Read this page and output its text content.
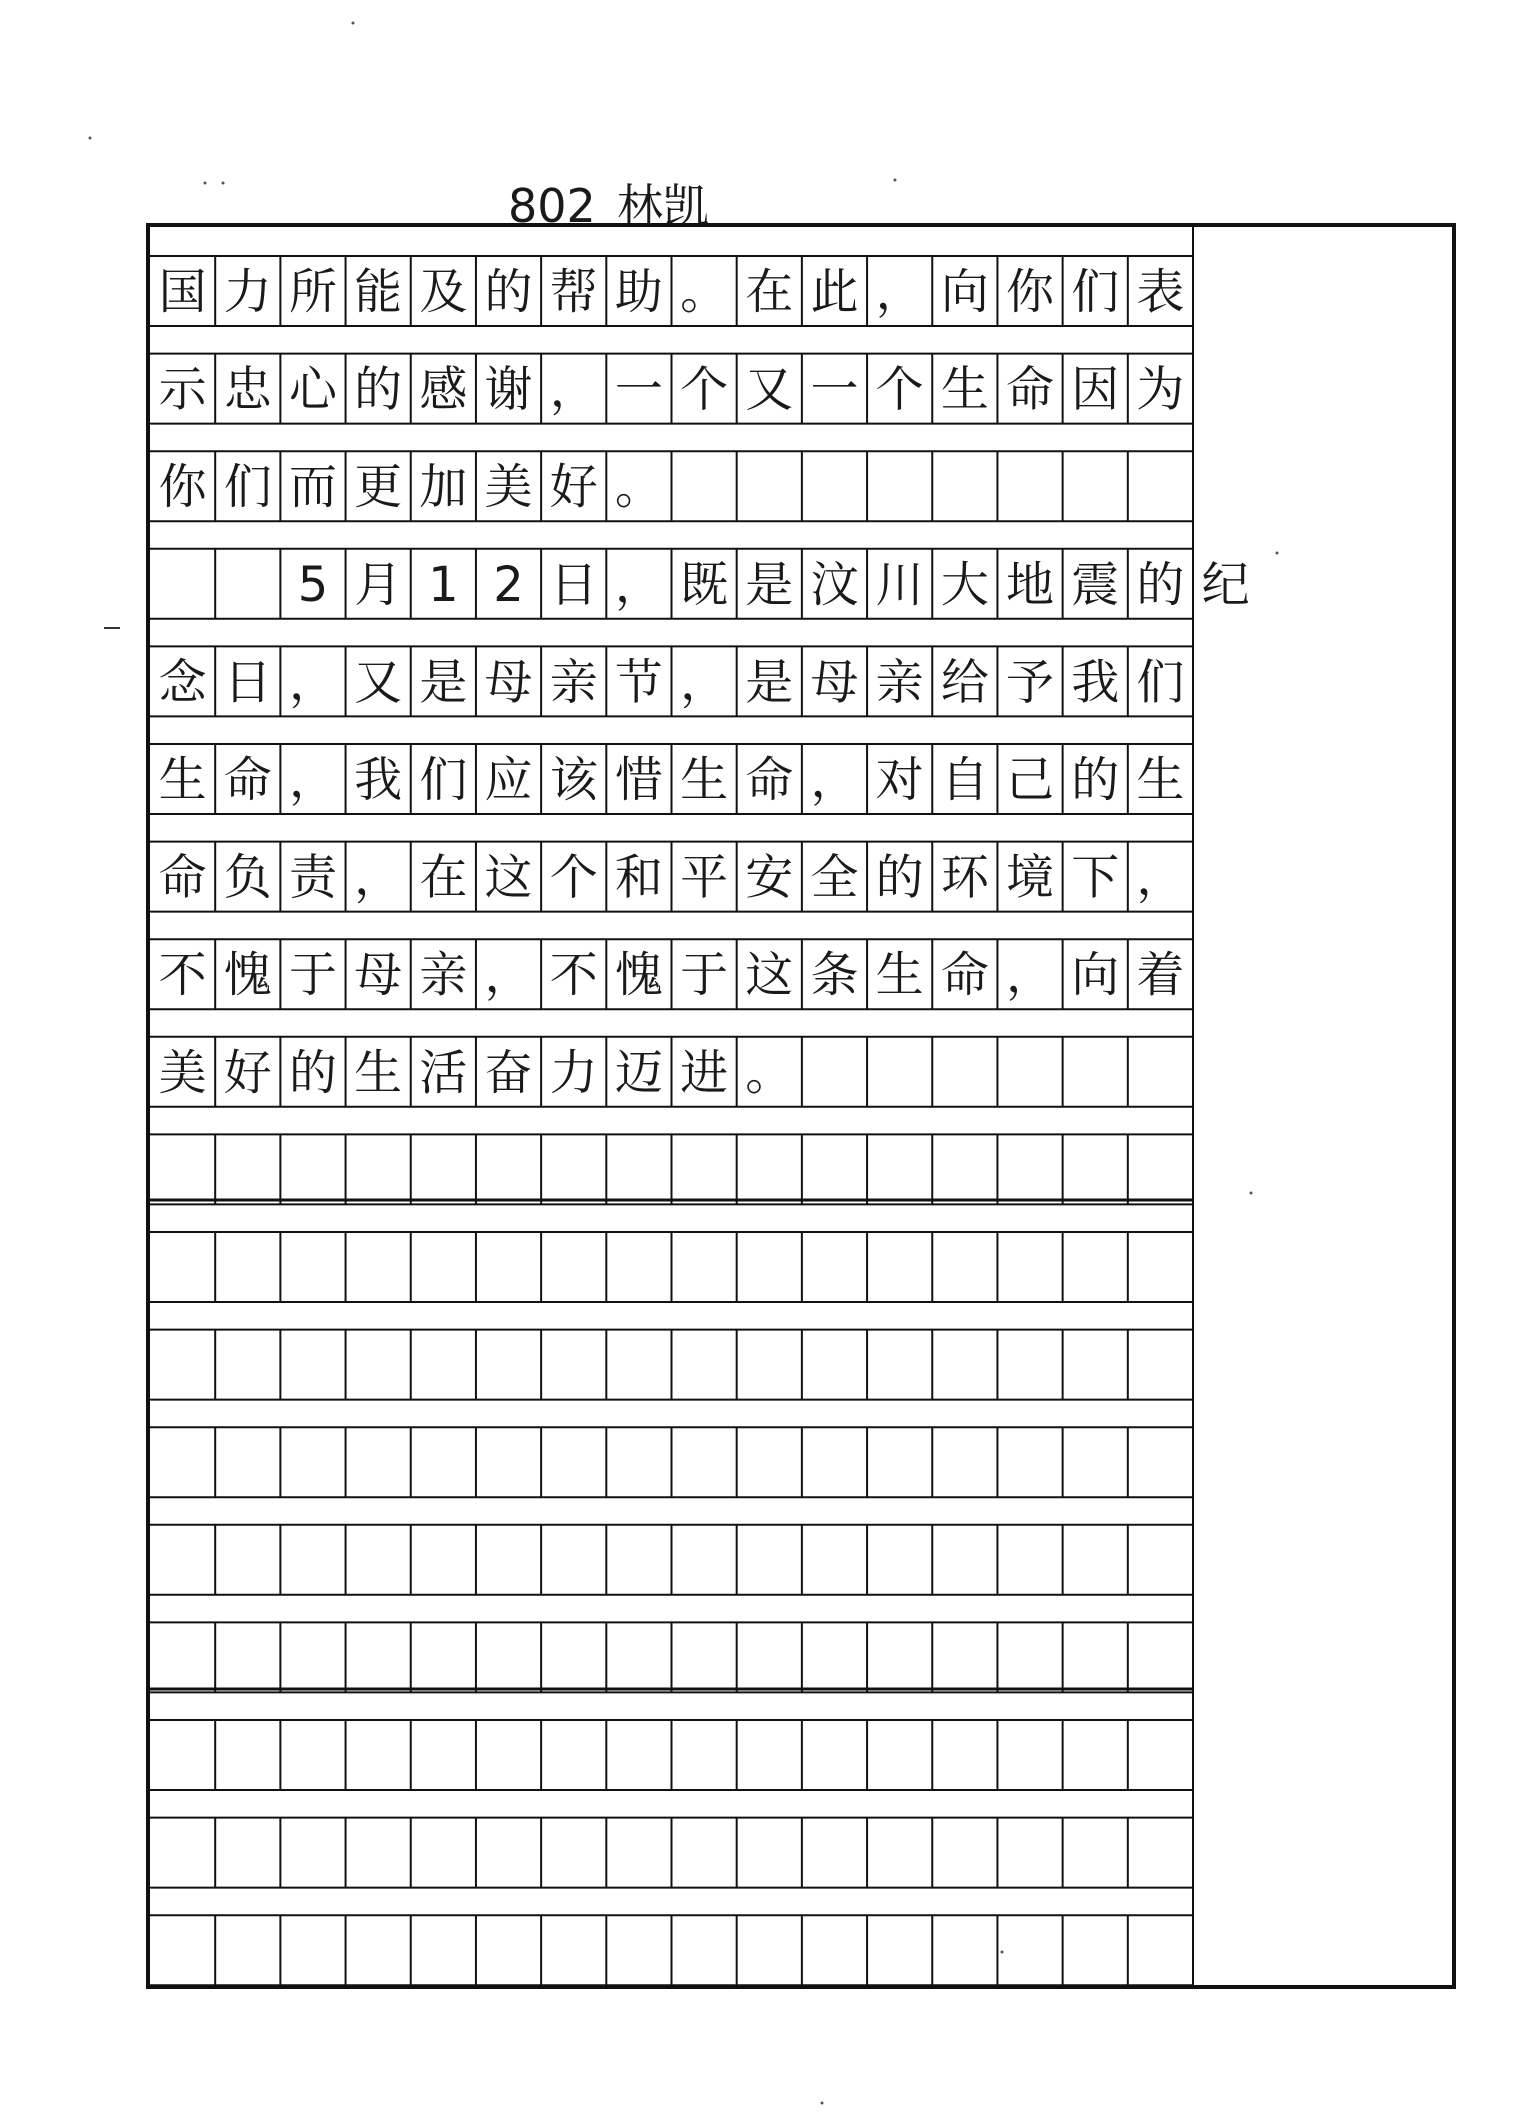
802 林凯
国 力 所 能 及 的 帮 助 。 在 此 ， 向 你 们 表
示 忠 心 的 感 谢 ， 一 个 又 一 个 生 命 因 为
你 们 而 更 加 美 好 。
5 月 1 2 日 ， 既 是 汶 川 大 地 震 的 纪
念 日 ， 又 是 母 亲 节 ， 是 母 亲 给 予 我 们
生 命 ， 我 们 应 该 惜 生 命 ， 对 自 己 的 生
命 负 责 ， 在 这 个 和 平 安 全 的 环 境 下 ，
不 愧 于 母 亲 ， 不 愧 于 这 条 生 命 ， 向 着
美 好 的 生 活 奋 力 迈 进 。
